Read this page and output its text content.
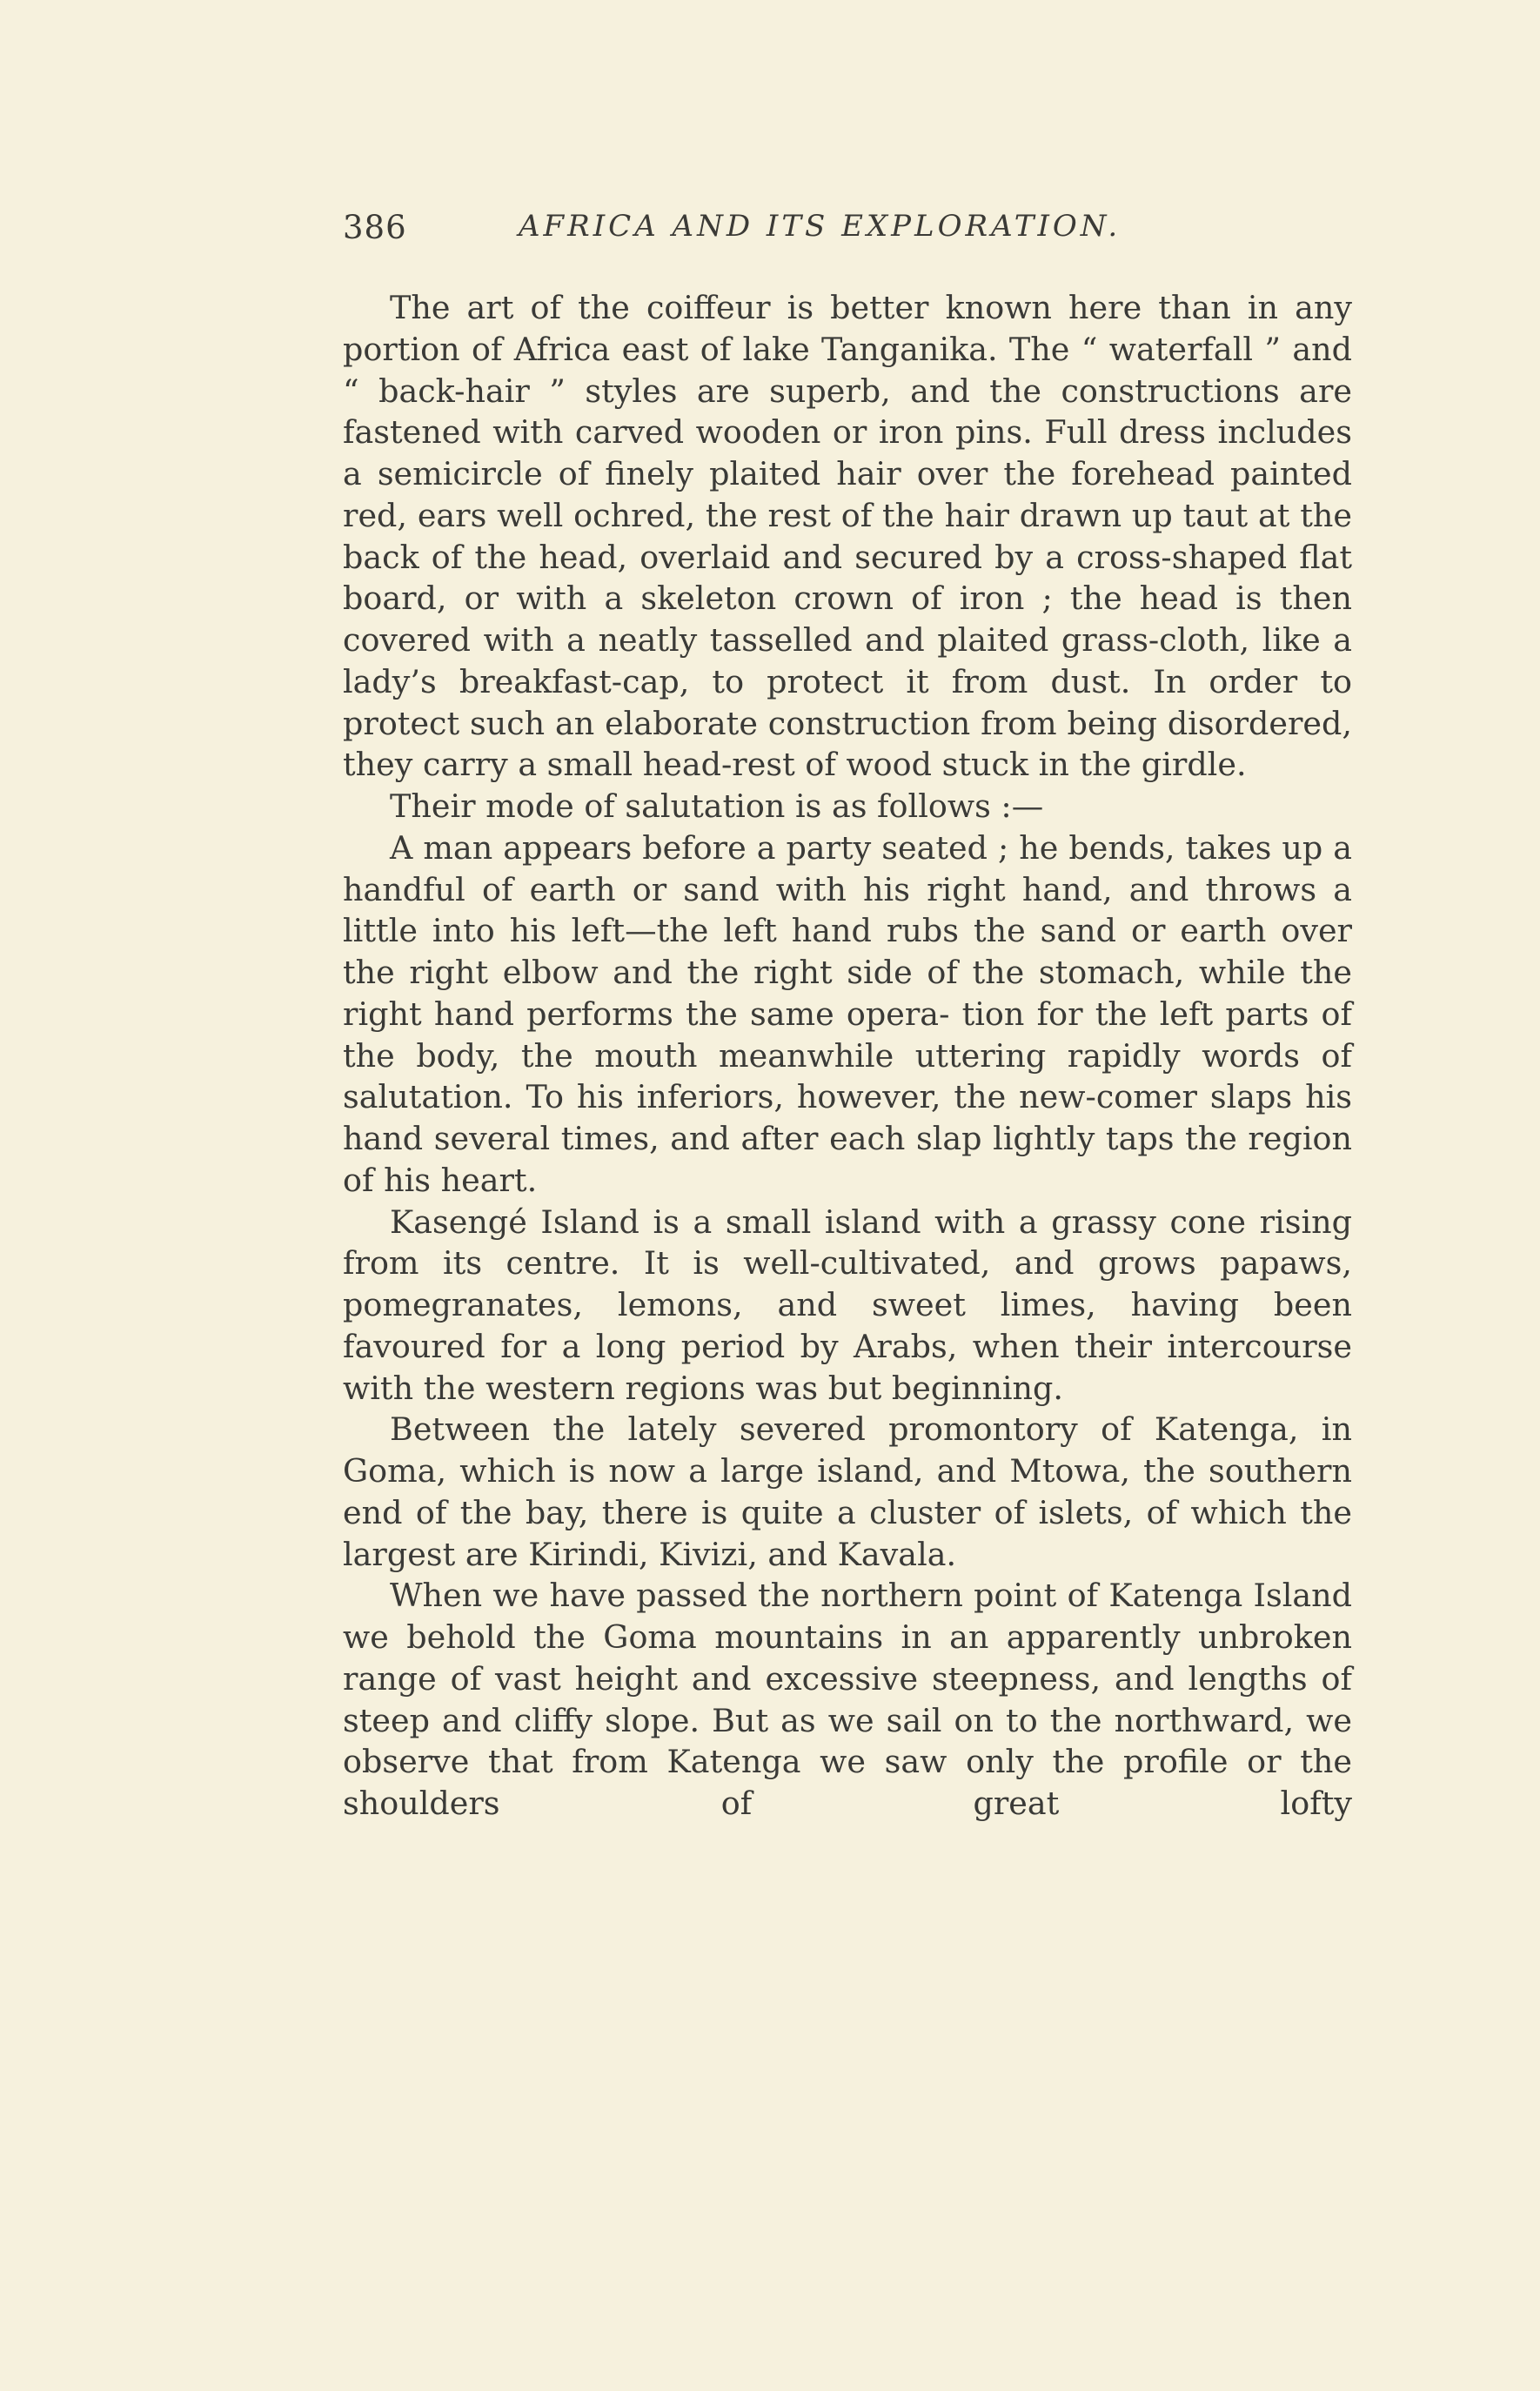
386	AFRICA AND ITS EXPLORATION.

The art of the coiffeur is better known here than in any portion of Africa east of lake Tanganika. The “ waterfall ” and “ back-hair ” styles are superb, and the constructions are fastened with carved wooden or iron pins. Full dress includes a semicircle of finely plaited hair over the forehead painted red, ears well ochred, the rest of the hair drawn up taut at the back of the head, overlaid and secured by a cross-shaped flat board, or with a skeleton crown of iron ; the head is then covered with a neatly tasselled and plaited grass-cloth, like a lady’s breakfast-cap, to protect it from dust. In order to protect such an elaborate construction from being disordered, they carry a small head-rest of wood stuck in the girdle.

Their mode of salutation is as follows :—

A man appears before a party seated ; he bends, takes up a handful of earth or sand with his right hand, and throws a little into his left—the left hand rubs the sand or earth over the right elbow and the right side of the stomach, while the right hand performs the same opera- tion for the left parts of the body, the mouth meanwhile uttering rapidly words of salutation. To his inferiors, however, the new-comer slaps his hand several times, and after each slap lightly taps the region of his heart.

Kasengé Island is a small island with a grassy cone rising from its centre. It is well-cultivated, and grows papaws, pomegranates, lemons, and sweet limes, having been favoured for a long period by Arabs, when their intercourse with the western regions was but beginning.

Between the lately severed promontory of Katenga, in Goma, which is now a large island, and Mtowa, the southern end of the bay, there is quite a cluster of islets, of which the largest are Kirindi, Kivizi, and Kavala.

When we have passed the northern point of Katenga Island we behold the Goma mountains in an apparently unbroken range of vast height and excessive steepness, and lengths of steep and cliffy slope. But as we sail on to the northward, we observe that from Katenga we saw only the profile or the shoulders of great lofty
